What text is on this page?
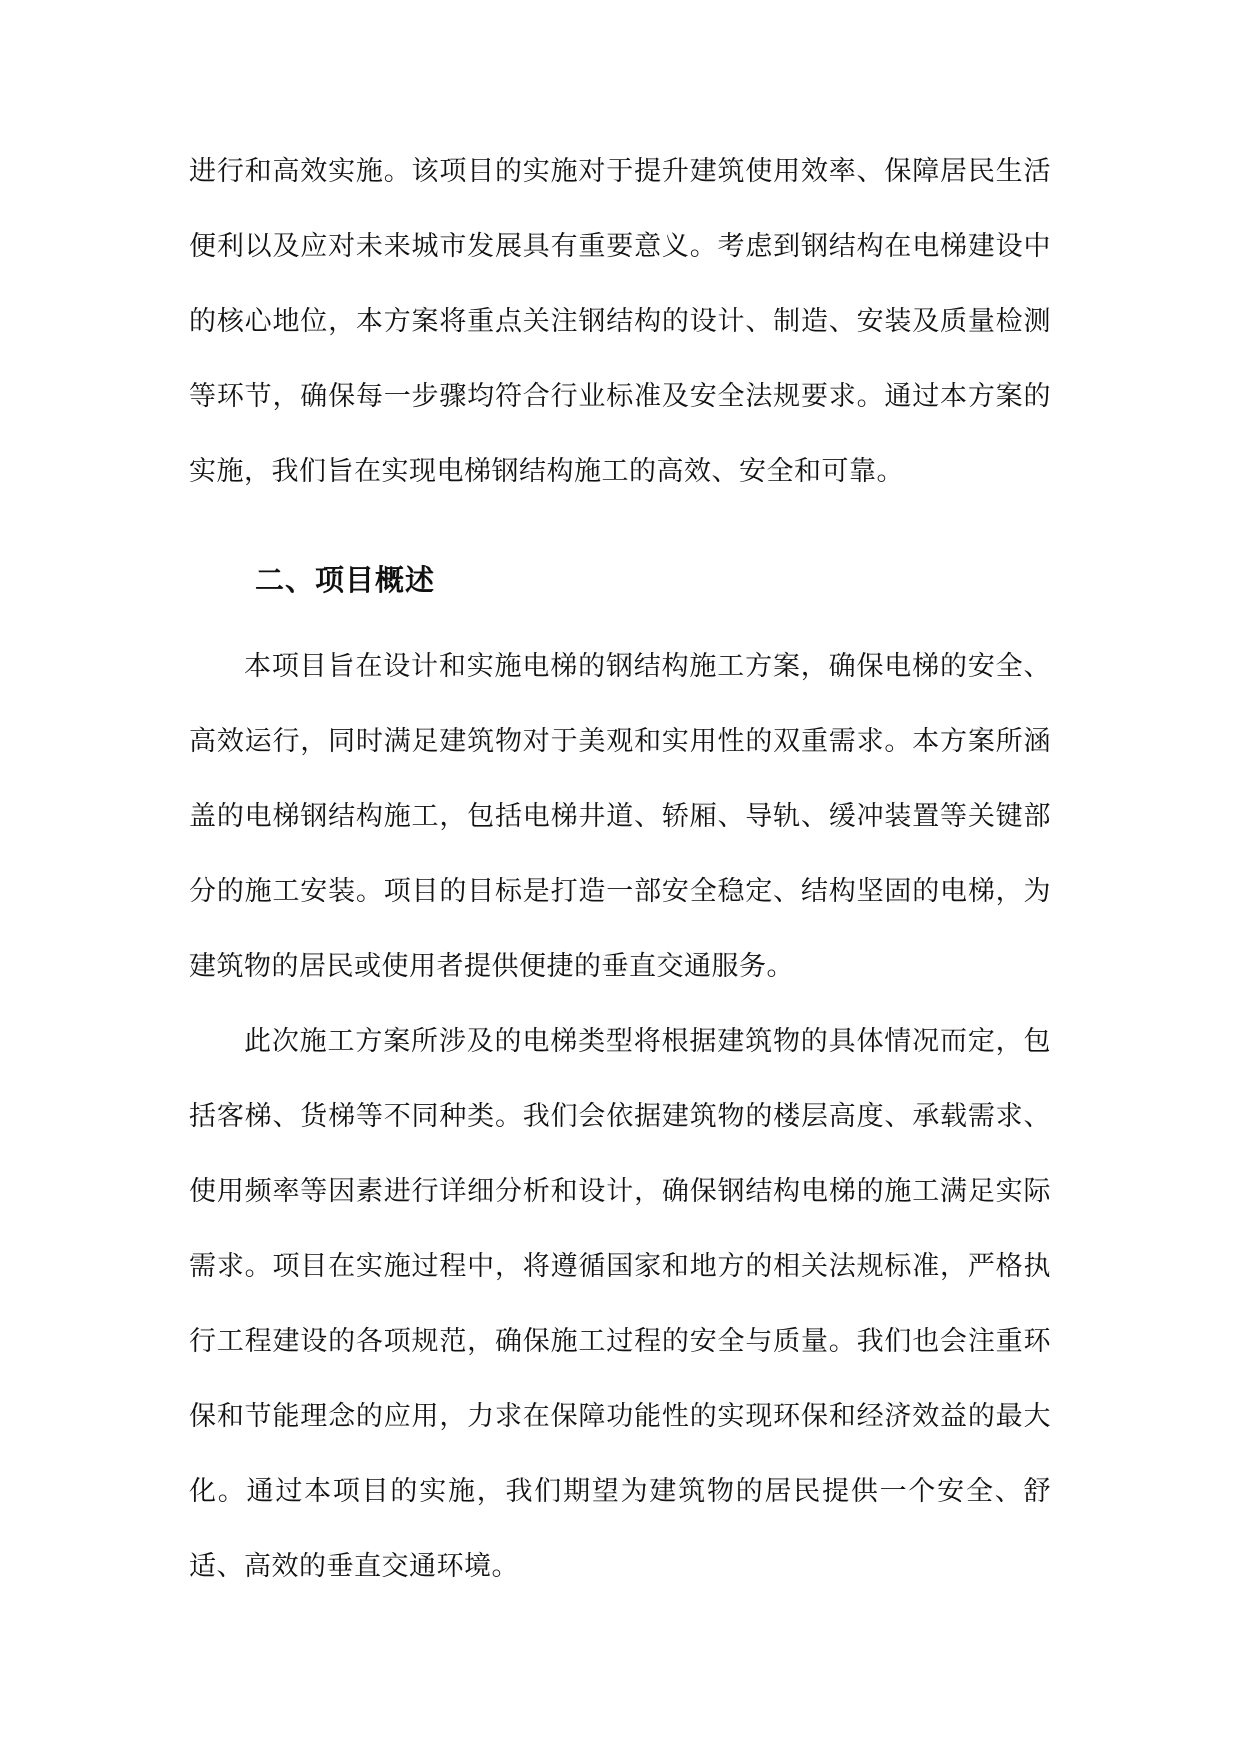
进行和高效实施。该项目的实施对于提升建筑使用效率、保障居民生活便利以及应对未来城市发展具有重要意义。考虑到钢结构在电梯建设中的核心地位，本方案将重点关注钢结构的设计、制造、安装及质量检测等环节，确保每一步骤均符合行业标准及安全法规要求。通过本方案的实施，我们旨在实现电梯钢结构施工的高效、安全和可靠。

二、项目概述

本项目旨在设计和实施电梯的钢结构施工方案，确保电梯的安全、高效运行，同时满足建筑物对于美观和实用性的双重需求。本方案所涵盖的电梯钢结构施工，包括电梯井道、轿厢、导轨、缓冲装置等关键部分的施工安装。项目的目标是打造一部安全稳定、结构坚固的电梯，为建筑物的居民或使用者提供便捷的垂直交通服务。

此次施工方案所涉及的电梯类型将根据建筑物的具体情况而定，包括客梯、货梯等不同种类。我们会依据建筑物的楼层高度、承载需求、使用频率等因素进行详细分析和设计，确保钢结构电梯的施工满足实际需求。项目在实施过程中，将遵循国家和地方的相关法规标准，严格执行工程建设的各项规范，确保施工过程的安全与质量。我们也会注重环保和节能理念的应用，力求在保障功能性的实现环保和经济效益的最大化。通过本项目的实施，我们期望为建筑物的居民提供一个安全、舒适、高效的垂直交通环境。
